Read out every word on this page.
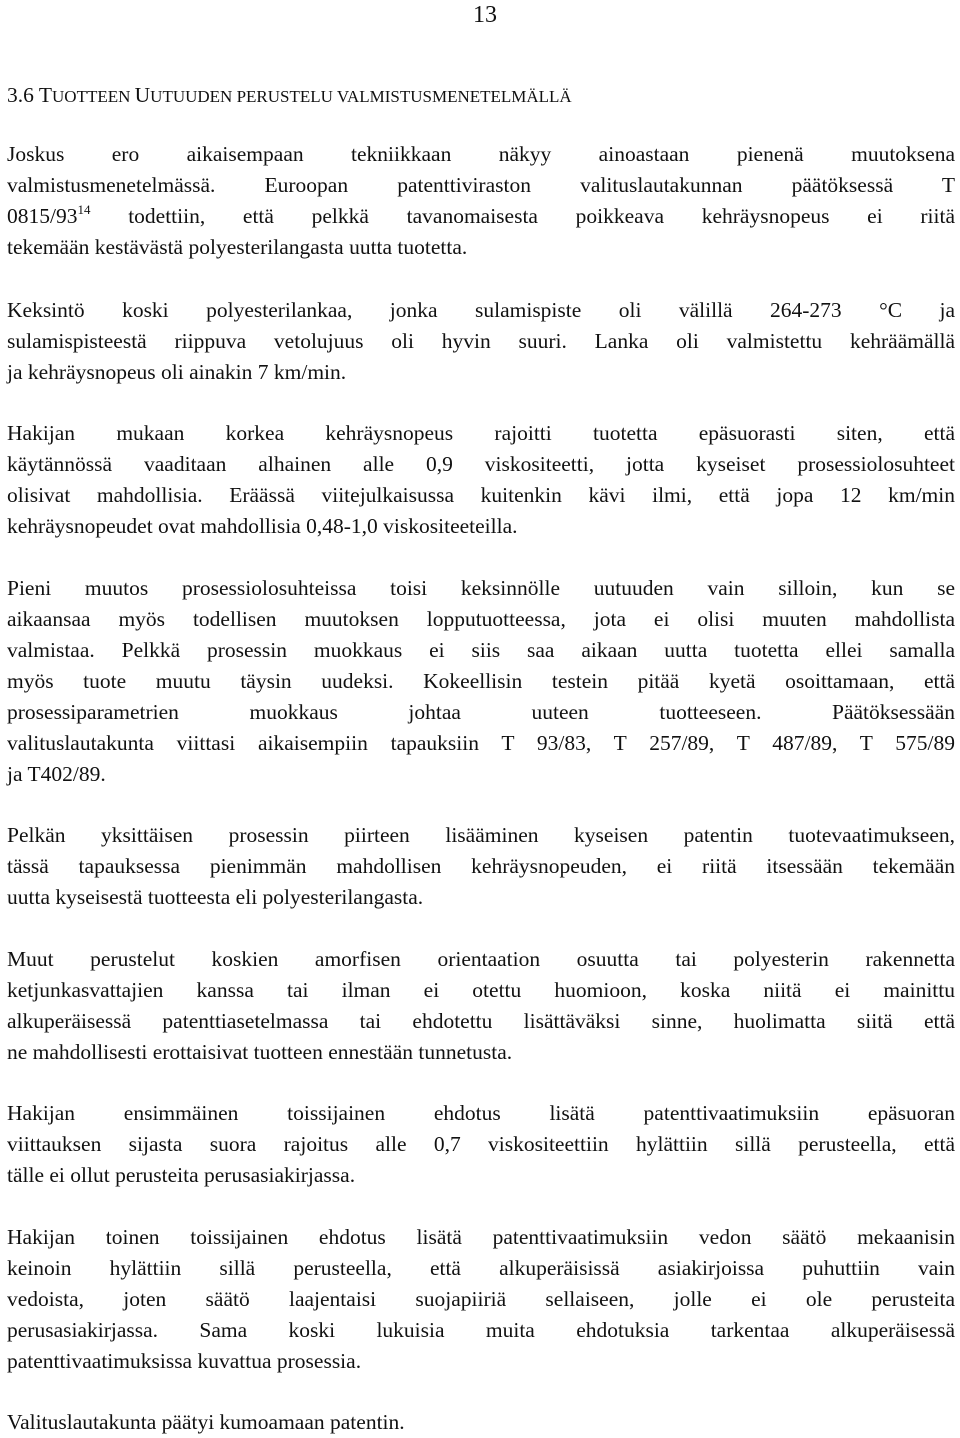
13
3.6 TUOTTEEN UUTUUDEN PERUSTELU VALMISTUSMENETELMÄLLÄ
Joskus ero aikaisempaan tekniikkaan näkyy ainoastaan pienenä muutoksena
valmistusmenetelmässä. Euroopan patenttiviraston valituslautakunnan päätöksessä T
$0815/93^{14}$ todettiin, että pelkkä tavanomaisesta poikkeava kehräysnopeus ei riitä
tekemään kestävästä polyesterilangasta uutta tuotetta.
Keksintö koski polyesterilankaa, jonka sulamispiste oli välillä 264-273 °C ja
sulamispisteestä riippuva vetolujuus oli hyvin suuri. Lanka oli valmistettu kehräämällä
ja kehräysnopeus oli ainakin 7 km/min.
Hakijan mukaan korkea kehräysnopeus rajoitti tuotetta epäsuorasti siten, että
käytännössä vaaditaan alhainen alle 0,9 viskositeetti, jotta kyseiset prosessiolosuhteet
olisivat mahdollisia. Eräässä viitejulkaisussa kuitenkin kävi ilmi, että jopa 12 km/min
kehräysnopeudet ovat mahdollisia 0,48-1,0 viskositeeteilla.
Pieni muutos prosessiolosuhteissa toisi keksinnölle uutuuden vain silloin, kun se
aikaansaa myös todellisen muutoksen lopputuotteessa, jota ei olisi muuten mahdollista
valmistaa. Pelkkä prosessin muokkaus ei siis saa aikaan uutta tuotetta ellei samalla
myös tuote muutu täysin uudeksi. Kokeellisin testein pitää kyetä osoittamaan, että
prosessiparametrien muokkaus johtaa uuteen tuotteeseen. Päätöksessään
valituslautakunta viittasi aikaisempiin tapauksiin T 93/83, T 257/89, T 487/89, T 575/89
ja T402/89.
Pelkän yksittäisen prosessin piirteen lisääminen kyseisen patentin tuotevaatimukseen,
tässä tapauksessa pienimmän mahdollisen kehräysnopeuden, ei riitä itsessään tekemään
uutta kyseisestä tuotteesta eli polyesterilangasta.
Muut perustelut koskien amorfisen orientaation osuutta tai polyesterin rakennetta
ketjunkasvattajien kanssa tai ilman ei otettu huomioon, koska niitä ei mainittu
alkuperäisessä patenttiasetelmassa tai ehdotettu lisättäväksi sinne, huolimatta siitä että
ne mahdollisesti erottaisivat tuotteen ennestään tunnetusta.
Hakijan ensimmäinen toissijainen ehdotus lisätä patenttivaatimuksiin epäsuoran
viittauksen sijasta suora rajoitus alle 0,7 viskositeettiin hylättiin sillä perusteella, että
tälle ei ollut perusteita perusasiakirjassa.
Hakijan toinen toissijainen ehdotus lisätä patenttivaatimuksiin vedon säätö mekaanisin
keinoin hylättiin sillä perusteella, että alkuperäisissä asiakirjoissa puhuttiin vain
vedoista, joten säätö laajentaisi suojapiiriä sellaiseen, jolle ei ole perusteita
perusasiakirjassa. Sama koski lukuisia muita ehdotuksia tarkentaa alkuperäisessä
patenttivaatimuksissa kuvattua prosessia.
Valituslautakunta päätyi kumoamaan patentin.
